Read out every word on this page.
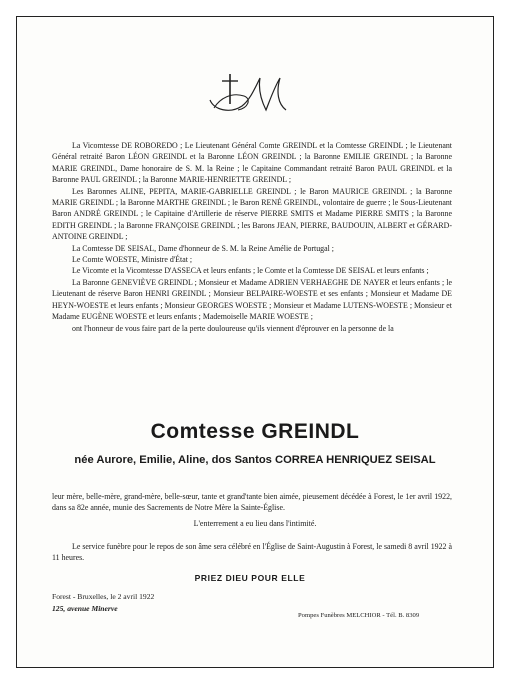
La Vicomtesse DE ROBOREDO ; Le Lieutenant Général Comte GREINDL et la Comtesse GREINDL ; le Lieutenant Général retraité Baron LÉON GREINDL et la Baronne LÉON GREINDL ; la Baronne EMILIE GREINDL ; la Baronne MARIE GREINDL, Dame honoraire de S. M. la Reine ; le Capitaine Commandant retraité Baron PAUL GREINDL et la Baronne PAUL GREINDL ; la Baronne MARIE-HENRIETTE GREINDL ;

Les Baronnes ALINE, PEPITA, MARIE-GABRIELLE GREINDL ; le Baron MAURICE GREINDL ; la Baronne MARIE GREINDL ; la Baronne MARTHE GREINDL ; le Baron RENÉ GREINDL, volontaire de guerre ; le Sous-Lieutenant Baron ANDRÉ GREINDL ; le Capitaine d'Artillerie de réserve PIERRE SMITS et Madame PIERRE SMITS ; la Baronne EDITH GREINDL ; la Baronne FRANÇOISE GREINDL ; les Barons JEAN, PIERRE, BAUDOUIN, ALBERT et GÉRARD-ANTOINE GREINDL ;

La Comtesse DE SEISAL, Dame d'honneur de S. M. la Reine Amélie de Portugal ;

Le Comte WOESTE, Ministre d'État ;

Le Vicomte et la Vicomtesse D'ASSECA et leurs enfants ; le Comte et la Comtesse DE SEISAL et leurs enfants ;

La Baronne GENEVIÈVE GREINDL ; Monsieur et Madame ADRIEN VERHAEGHE DE NAYER et leurs enfants ; le Lieutenant de réserve Baron HENRI GREINDL ; Monsieur BELPAIRE-WOESTE et ses enfants ; Monsieur et Madame DE HEYN-WOESTE et leurs enfants ; Monsieur GEORGES WOESTE ; Monsieur et Madame LUTENS-WOESTE ; Monsieur et Madame EUGÈNE WOESTE et leurs enfants ; Mademoiselle MARIE WOESTE ;

ont l'honneur de vous faire part de la perte douloureuse qu'ils viennent d'éprouver en la personne de la

Comtesse GREINDL
née Aurore, Emilie, Aline, dos Santos CORREA HENRIQUEZ SEISAL

leur mère, belle-mère, grand-mère, belle-sœur, tante et grand'tante bien aimée, pieusement décédée à Forest, le 1er avril 1922, dans sa 82e année, munie des Sacrements de Notre Mère la Sainte-Église.

L'enterrement a eu lieu dans l'intimité.

Le service funèbre pour le repos de son âme sera célébré en l'Église de Saint-Augustin à Forest, le samedi 8 avril 1922 à 11 heures.

PRIEZ DIEU POUR ELLE
Forest - Bruxelles, le 2 avril 1922
125, avenue Minerve
Pompes Funèbres MELCHIOR - Tél. B. 8309
